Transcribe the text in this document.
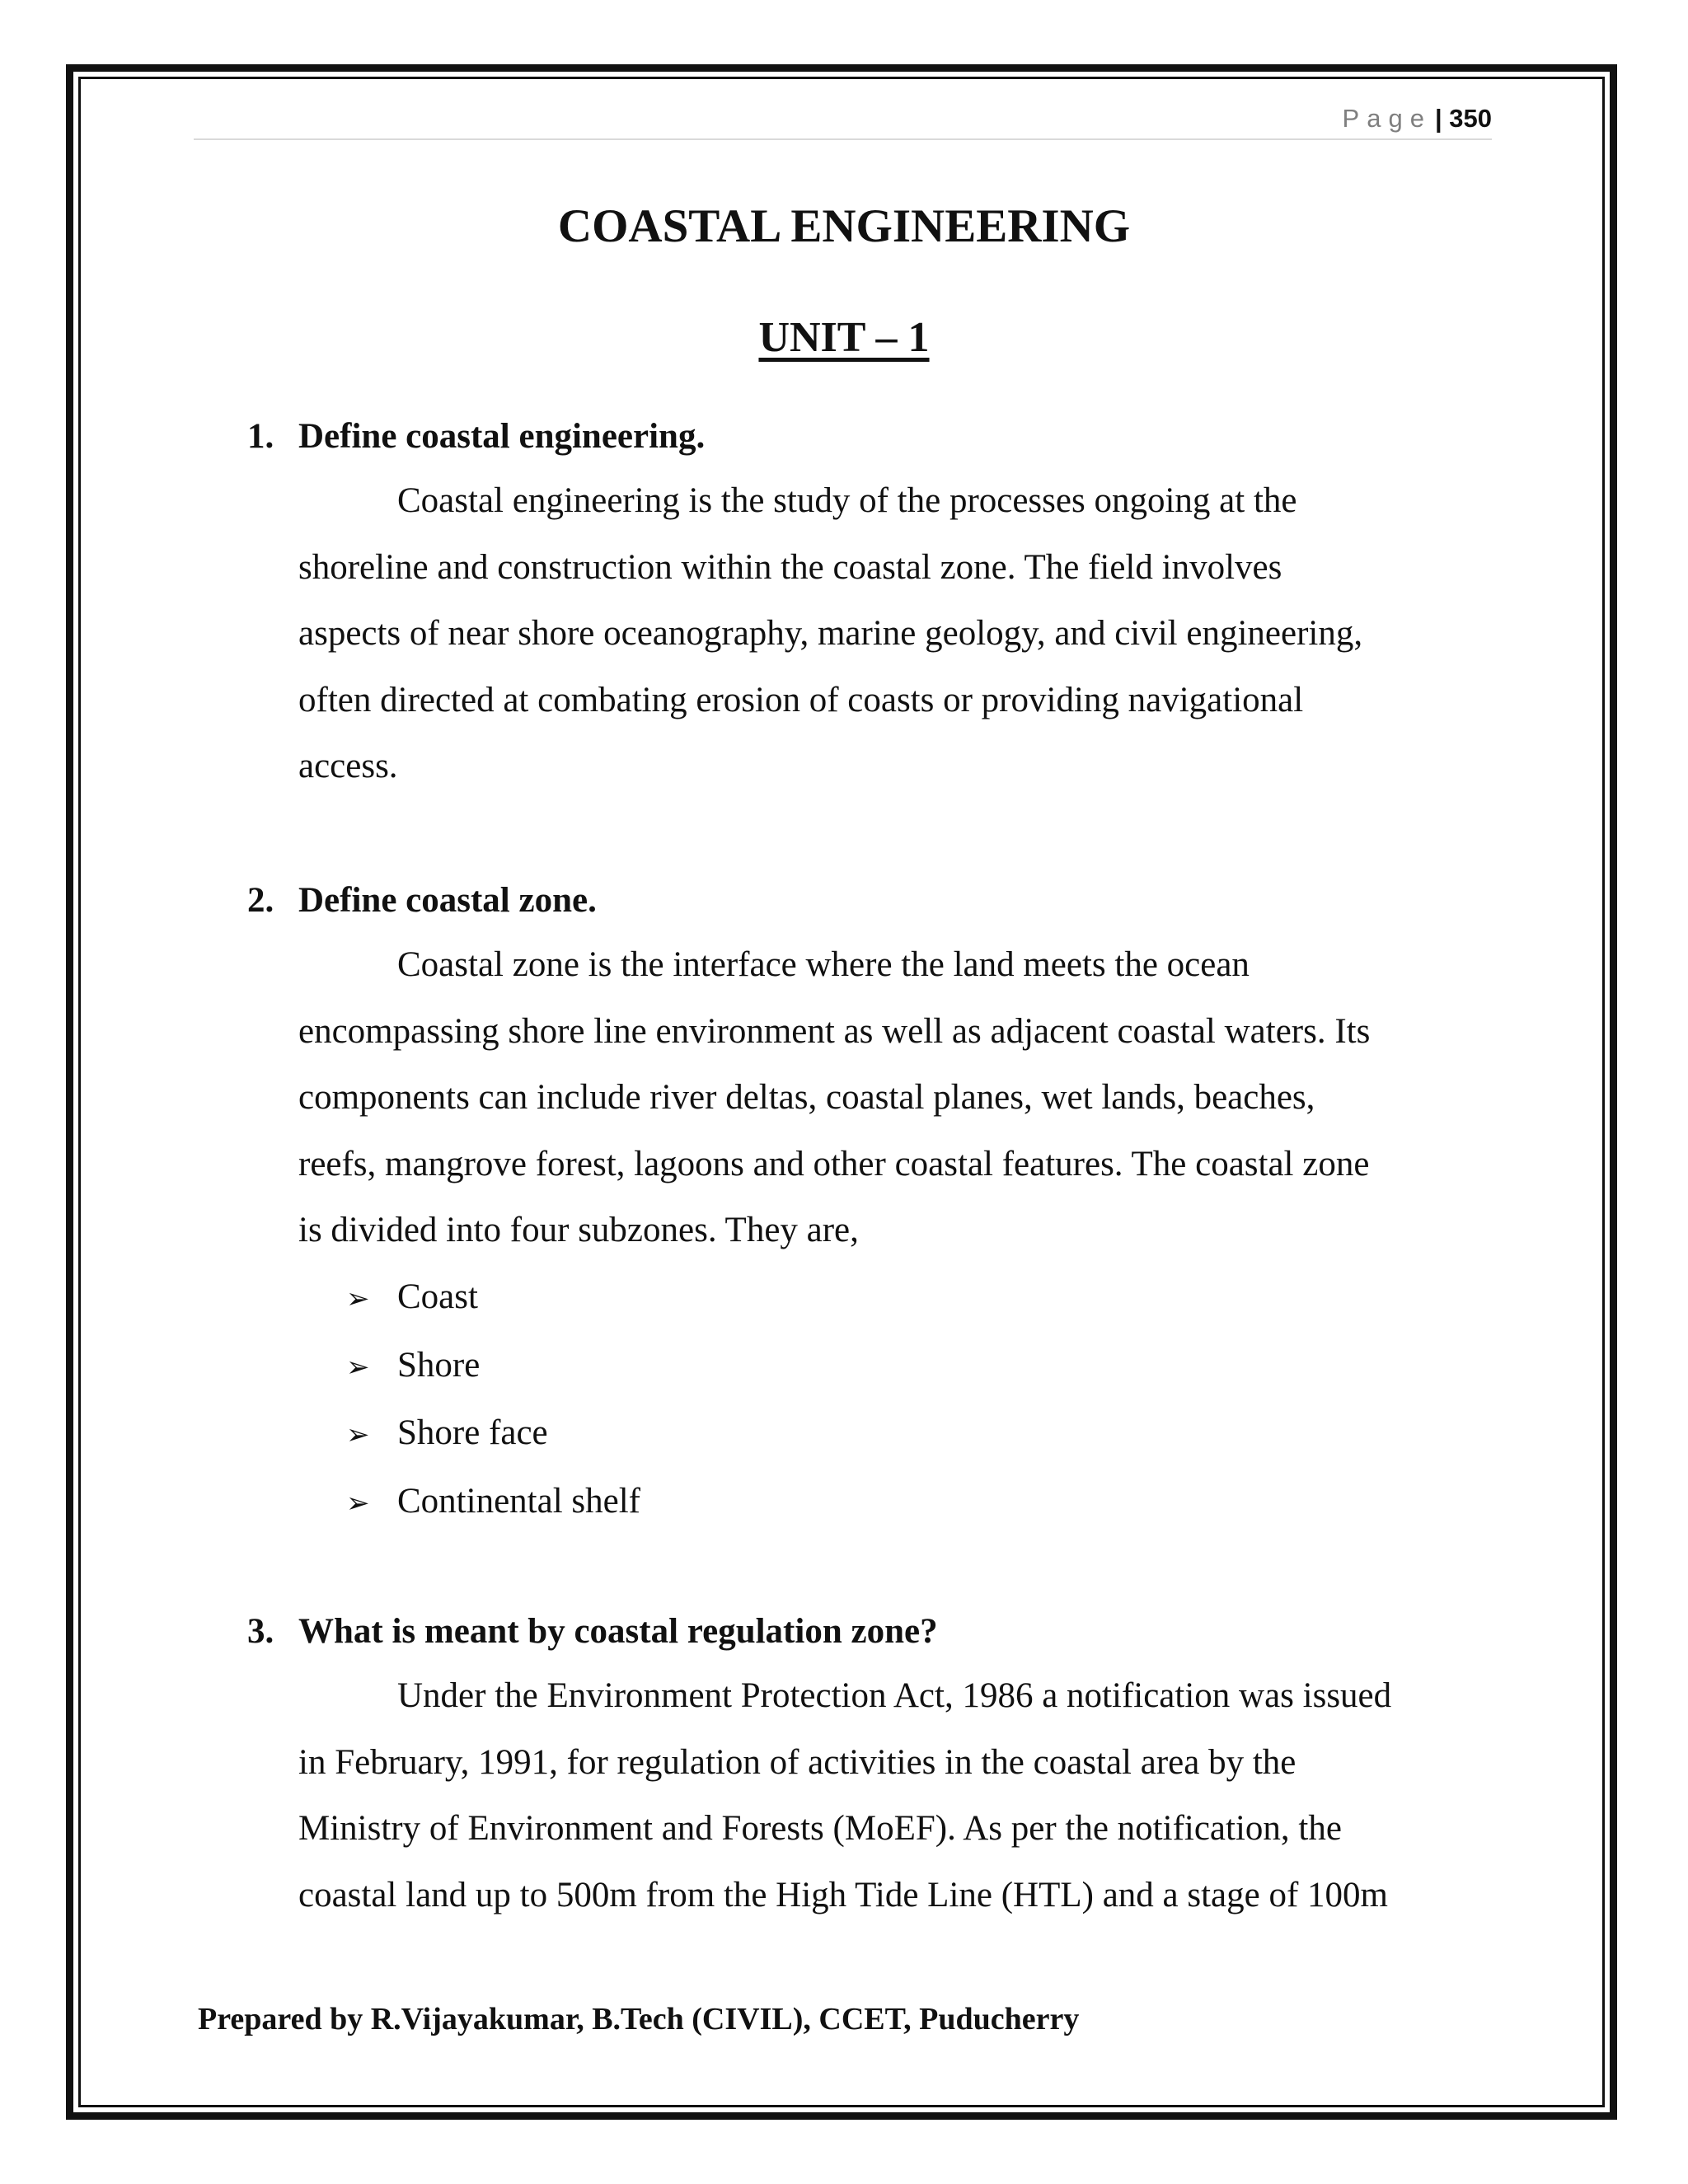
Page | 350
COASTAL ENGINEERING
UNIT – 1
1. Define coastal engineering.
Coastal engineering is the study of the processes ongoing at the
shoreline and construction within the coastal zone. The field involves
aspects of near shore oceanography, marine geology, and civil engineering,
often directed at combating erosion of coasts or providing navigational
access.
2. Define coastal zone.
Coastal zone is the interface where the land meets the ocean
encompassing shore line environment as well as adjacent coastal waters. Its
components can include river deltas, coastal planes, wet lands, beaches,
reefs, mangrove forest, lagoons and other coastal features. The coastal zone
is divided into four subzones. They are,
➢ Coast
➢ Shore
➢ Shore face
➢ Continental shelf
3. What is meant by coastal regulation zone?
Under the Environment Protection Act, 1986 a notification was issued
in February, 1991, for regulation of activities in the coastal area by the
Ministry of Environment and Forests (MoEF). As per the notification, the
coastal land up to 500m from the High Tide Line (HTL) and a stage of 100m
Prepared by R.Vijayakumar, B.Tech (CIVIL), CCET, Puducherry
